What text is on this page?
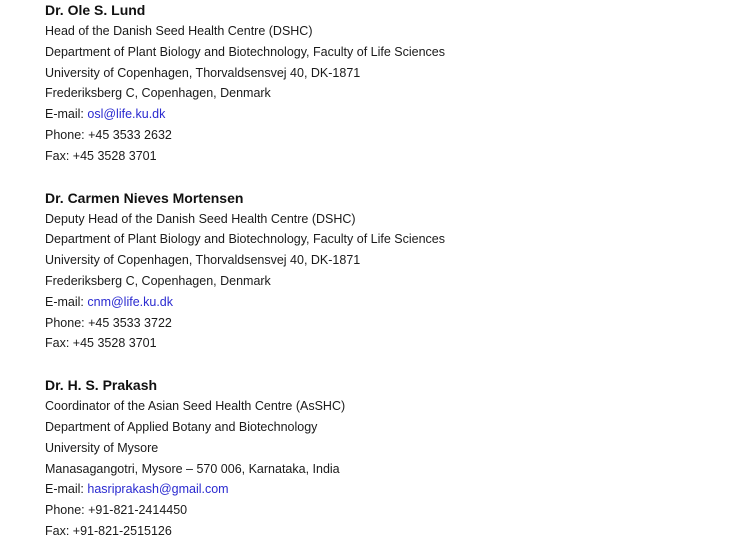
Dr. Ole S. Lund
Head of the Danish Seed Health Centre (DSHC)
Department of Plant Biology and Biotechnology, Faculty of Life Sciences
University of Copenhagen, Thorvaldsensvej 40, DK-1871
Frederiksberg C, Copenhagen, Denmark
E-mail: osl@life.ku.dk
Phone: +45 3533 2632
Fax: +45 3528 3701
Dr. Carmen Nieves Mortensen
Deputy Head of the Danish Seed Health Centre (DSHC)
Department of Plant Biology and Biotechnology, Faculty of Life Sciences
University of Copenhagen, Thorvaldsensvej 40, DK-1871
Frederiksberg C, Copenhagen, Denmark
E-mail: cnm@life.ku.dk
Phone: +45 3533 3722
Fax: +45 3528 3701
Dr. H. S. Prakash
Coordinator of the Asian Seed Health Centre (AsSHC)
Department of Applied Botany and Biotechnology
University of Mysore
Manasagangotri, Mysore – 570 006, Karnataka, India
E-mail: hasriprakash@gmail.com
Phone: +91-821-2414450
Fax: +91-821-2515126
